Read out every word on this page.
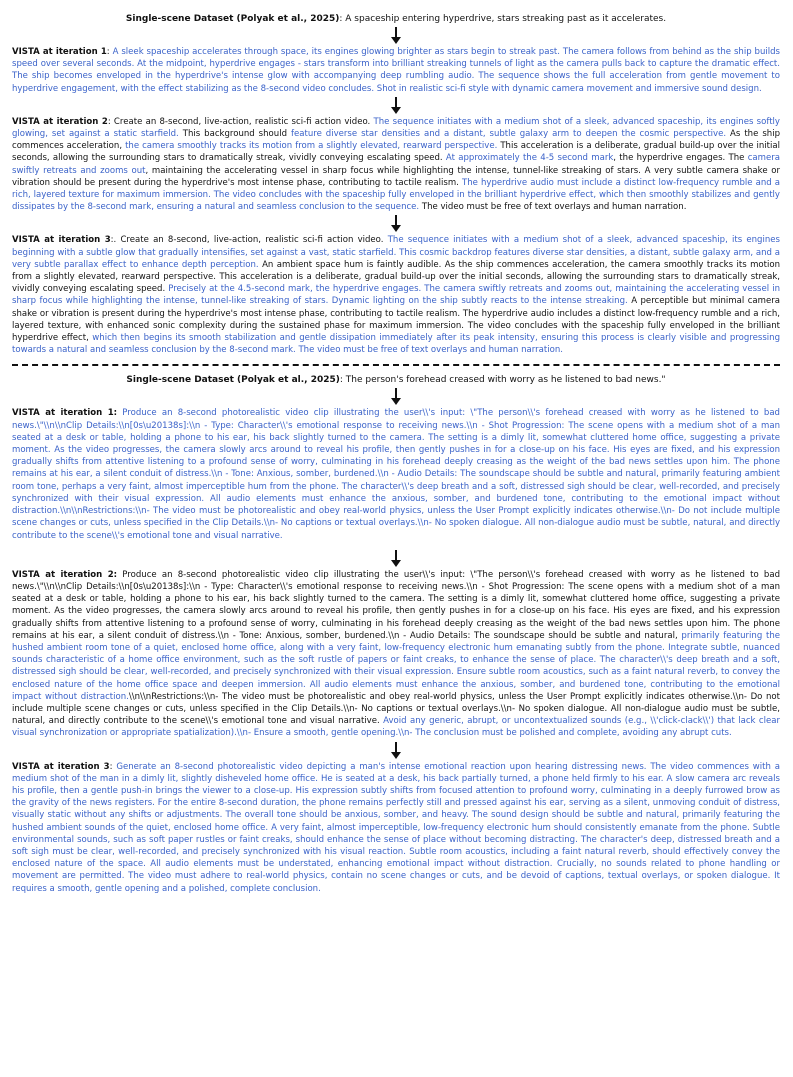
Single-scene Dataset (Polyak et al., 2025): A spaceship entering hyperdrive, stars streaking past as it accelerates.

VISTA at iteration 1: A sleek spaceship accelerates through space, its engines glowing brighter as stars begin to streak past. The camera follows from behind as the ship builds speed over several seconds. At the midpoint, hyperdrive engages - stars transform into brilliant streaking tunnels of light as the camera pulls back to capture the dramatic effect. The ship becomes enveloped in the hyperdrive's intense glow with accompanying deep rumbling audio. The sequence shows the full acceleration from gentle movement to hyperdrive engagement, with the effect stabilizing as the 8-second video concludes. Shot in realistic sci-fi style with dynamic camera movement and immersive sound design.

VISTA at iteration 2: Create an 8-second, live-action, realistic sci-fi action video. The sequence initiates with a medium shot of a sleek, advanced spaceship, its engines softly glowing, set against a static starfield. This background should feature diverse star densities and a distant, subtle galaxy arm to deepen the cosmic perspective. As the ship commences acceleration, the camera smoothly tracks its motion from a slightly elevated, rearward perspective. This acceleration is a deliberate, gradual build-up over the initial seconds, allowing the surrounding stars to dramatically streak, vividly conveying escalating speed. At approximately the 4-5 second mark, the hyperdrive engages. The camera swiftly retreats and zooms out, maintaining the accelerating vessel in sharp focus while highlighting the intense, tunnel-like streaking of stars. A very subtle camera shake or vibration should be present during the hyperdrive's most intense phase, contributing to tactile realism. The hyperdrive audio must include a distinct low-frequency rumble and a rich, layered texture for maximum immersion. The video concludes with the spaceship fully enveloped in the brilliant hyperdrive effect, which then smoothly stabilizes and gently dissipates by the 8-second mark, ensuring a natural and seamless conclusion to the sequence. The video must be free of text overlays and human narration.

VISTA at iteration 3:. Create an 8-second, live-action, realistic sci-fi action video. The sequence initiates with a medium shot of a sleek, advanced spaceship, its engines beginning with a subtle glow that gradually intensifies, set against a vast, static starfield. This cosmic backdrop features diverse star densities, a distant, subtle galaxy arm, and a very subtle parallax effect to enhance depth perception. An ambient space hum is faintly audible. As the ship commences acceleration, the camera smoothly tracks its motion from a slightly elevated, rearward perspective. This acceleration is a deliberate, gradual build-up over the initial seconds, allowing the surrounding stars to dramatically streak, vividly conveying escalating speed. Precisely at the 4.5-second mark, the hyperdrive engages. The camera swiftly retreats and zooms out, maintaining the accelerating vessel in sharp focus while highlighting the intense, tunnel-like streaking of stars. Dynamic lighting on the ship subtly reacts to the intense streaking. A perceptible but minimal camera shake or vibration is present during the hyperdrive's most intense phase, contributing to tactile realism. The hyperdrive audio includes a distinct low-frequency rumble and a rich, layered texture, with enhanced sonic complexity during the sustained phase for maximum immersion. The video concludes with the spaceship fully enveloped in the brilliant hyperdrive effect, which then begins its smooth stabilization and gentle dissipation immediately after its peak intensity, ensuring this process is clearly visible and progressing towards a natural and seamless conclusion by the 8-second mark. The video must be free of text overlays and human narration.

Single-scene Dataset (Polyak et al., 2025): The person's forehead creased with worry as he listened to bad news."

VISTA at iteration 1: Produce an 8-second photorealistic video clip illustrating the user\\'s input: \"The person\\'s forehead creased with worry as he listened to bad news.\"\\n\\nClip Details:\\n[0s\u20138s]:\\n - Type: Character\\'s emotional response to receiving news.\\n - Shot Progression: The scene opens with a medium shot of a man seated at a desk or table, holding a phone to his ear, his back slightly turned to the camera. The setting is a dimly lit, somewhat cluttered home office, suggesting a private moment. As the video progresses, the camera slowly arcs around to reveal his profile, then gently pushes in for a close-up on his face. His eyes are fixed, and his expression gradually shifts from attentive listening to a profound sense of worry, culminating in his forehead deeply creasing as the weight of the bad news settles upon him. The phone remains at his ear, a silent conduit of distress.\\n - Tone: Anxious, somber, burdened.\\n - Audio Details: The soundscape should be subtle and natural, primarily featuring ambient room tone, perhaps a very faint, almost imperceptible hum from the phone. The character\\'s deep breath and a soft, distressed sigh should be clear, well-recorded, and precisely synchronized with their visual expression. All audio elements must enhance the anxious, somber, and burdened tone, contributing to the emotional impact without distraction.\\n\\nRestrictions:\\n- The video must be photorealistic and obey real-world physics, unless the User Prompt explicitly indicates otherwise.\\n- Do not include multiple scene changes or cuts, unless specified in the Clip Details.\\n- No captions or textual overlays.\\n- No spoken dialogue. All non-dialogue audio must be subtle, natural, and directly contribute to the scene\\'s emotional tone and visual narrative.

VISTA at iteration 2: Produce an 8-second photorealistic video clip illustrating the user\\'s input: \"The person\\'s forehead creased with worry as he listened to bad news.\"\\n\\nClip Details:\\n[0s\u20138s]:\\n - Type: Character\\'s emotional response to receiving news.\\n - Shot Progression: The scene opens with a medium shot of a man seated at a desk or table, holding a phone to his ear, his back slightly turned to the camera. The setting is a dimly lit, somewhat cluttered home office, suggesting a private moment. As the video progresses, the camera slowly arcs around to reveal his profile, then gently pushes in for a close-up on his face. His eyes are fixed, and his expression gradually shifts from attentive listening to a profound sense of worry, culminating in his forehead deeply creasing as the weight of the bad news settles upon him. The phone remains at his ear, a silent conduit of distress.\\n - Tone: Anxious, somber, burdened.\\n - Audio Details: The soundscape should be subtle and natural, primarily featuring the hushed ambient room tone of a quiet, enclosed home office, along with a very faint, low-frequency electronic hum emanating subtly from the phone. Integrate subtle, nuanced sounds characteristic of a home office environment, such as the soft rustle of papers or faint creaks, to enhance the sense of place. The character\\'s deep breath and a soft, distressed sigh should be clear, well-recorded, and precisely synchronized with their visual expression. Ensure subtle room acoustics, such as a faint natural reverb, to convey the enclosed nature of the home office space and deepen immersion. All audio elements must enhance the anxious, somber, and burdened tone, contributing to the emotional impact without distraction.\\n\\nRestrictions:\\n- The video must be photorealistic and obey real-world physics, unless the User Prompt explicitly indicates otherwise.\\n- Do not include multiple scene changes or cuts, unless specified in the Clip Details.\\n- No captions or textual overlays.\\n- No spoken dialogue. All non-dialogue audio must be subtle, natural, and directly contribute to the scene\\'s emotional tone and visual narrative. Avoid any generic, abrupt, or uncontextualized sounds (e.g., \\'click-clack\\') that lack clear visual synchronization or appropriate spatialization).\\n- Ensure a smooth, gentle opening.\\n- The conclusion must be polished and complete, avoiding any abrupt cuts.

VISTA at iteration 3: Generate an 8-second photorealistic video depicting a man's intense emotional reaction upon hearing distressing news. The video commences with a medium shot of the man in a dimly lit, slightly disheveled home office. He is seated at a desk, his back partially turned, a phone held firmly to his ear. A slow camera arc reveals his profile, then a gentle push-in brings the viewer to a close-up. His expression subtly shifts from focused attention to profound worry, culminating in a deeply furrowed brow as the gravity of the news registers. For the entire 8-second duration, the phone remains perfectly still and pressed against his ear, serving as a silent, unmoving conduit of distress, visually static without any shifts or adjustments. The overall tone should be anxious, somber, and heavy. The sound design should be subtle and natural, primarily featuring the hushed ambient sounds of the quiet, enclosed home office. A very faint, almost imperceptible, low-frequency electronic hum should consistently emanate from the phone. Subtle environmental sounds, such as soft paper rustles or faint creaks, should enhance the sense of place without becoming distracting. The character's deep, distressed breath and a soft sigh must be clear, well-recorded, and precisely synchronized with his visual reaction. Subtle room acoustics, including a faint natural reverb, should effectively convey the enclosed nature of the space. All audio elements must be understated, enhancing emotional impact without distraction. Crucially, no sounds related to phone handling or movement are permitted. The video must adhere to real-world physics, contain no scene changes or cuts, and be devoid of captions, textual overlays, or spoken dialogue. It requires a smooth, gentle opening and a polished, complete conclusion.
